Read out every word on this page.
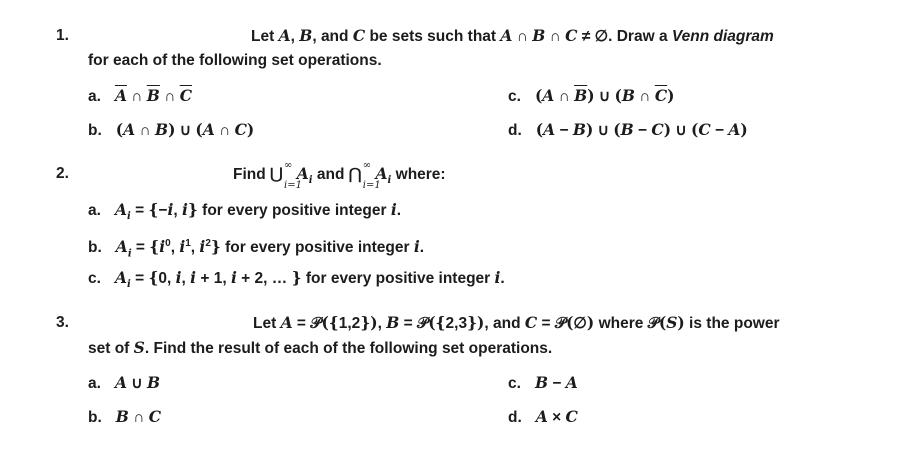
1.	Let A, B, and C be sets such that A ∩ B ∩ C ≠ ∅. Draw a Venn diagram
for each of the following set operations.
a. $\overline{A}$ ∩ $\overline{B}$ ∩ $\overline{C}$	c. (A ∩ $\overline{B}$) ∪ (B ∩ $\overline{C}$)
b. (A ∩ B) ∪ (A ∩ C)	d. (A − B) ∪ (B − C) ∪ (C − A)
2.	Find ⋃
∞
i=1
$A_i$ and ⋂
∞
i=1
$A_i$ where:
a. $A_i = \{-i$, i} for every positive integer i.
b. $A_i = \{i^0$, $i^1$, $i^2$} for every positive integer i.
c. $A_i = \{0$, i, i + 1, i + 2, … } for every positive integer i.
3.	Let A = 𝒫({1,2}), B = 𝒫({2,3}), and C = 𝒫(∅) where 𝒫(S) is the power
set of S. Find the result of each of the following set operations.
a. A ∪ B	c. B − A
b. B ∩ C	d. A × C
